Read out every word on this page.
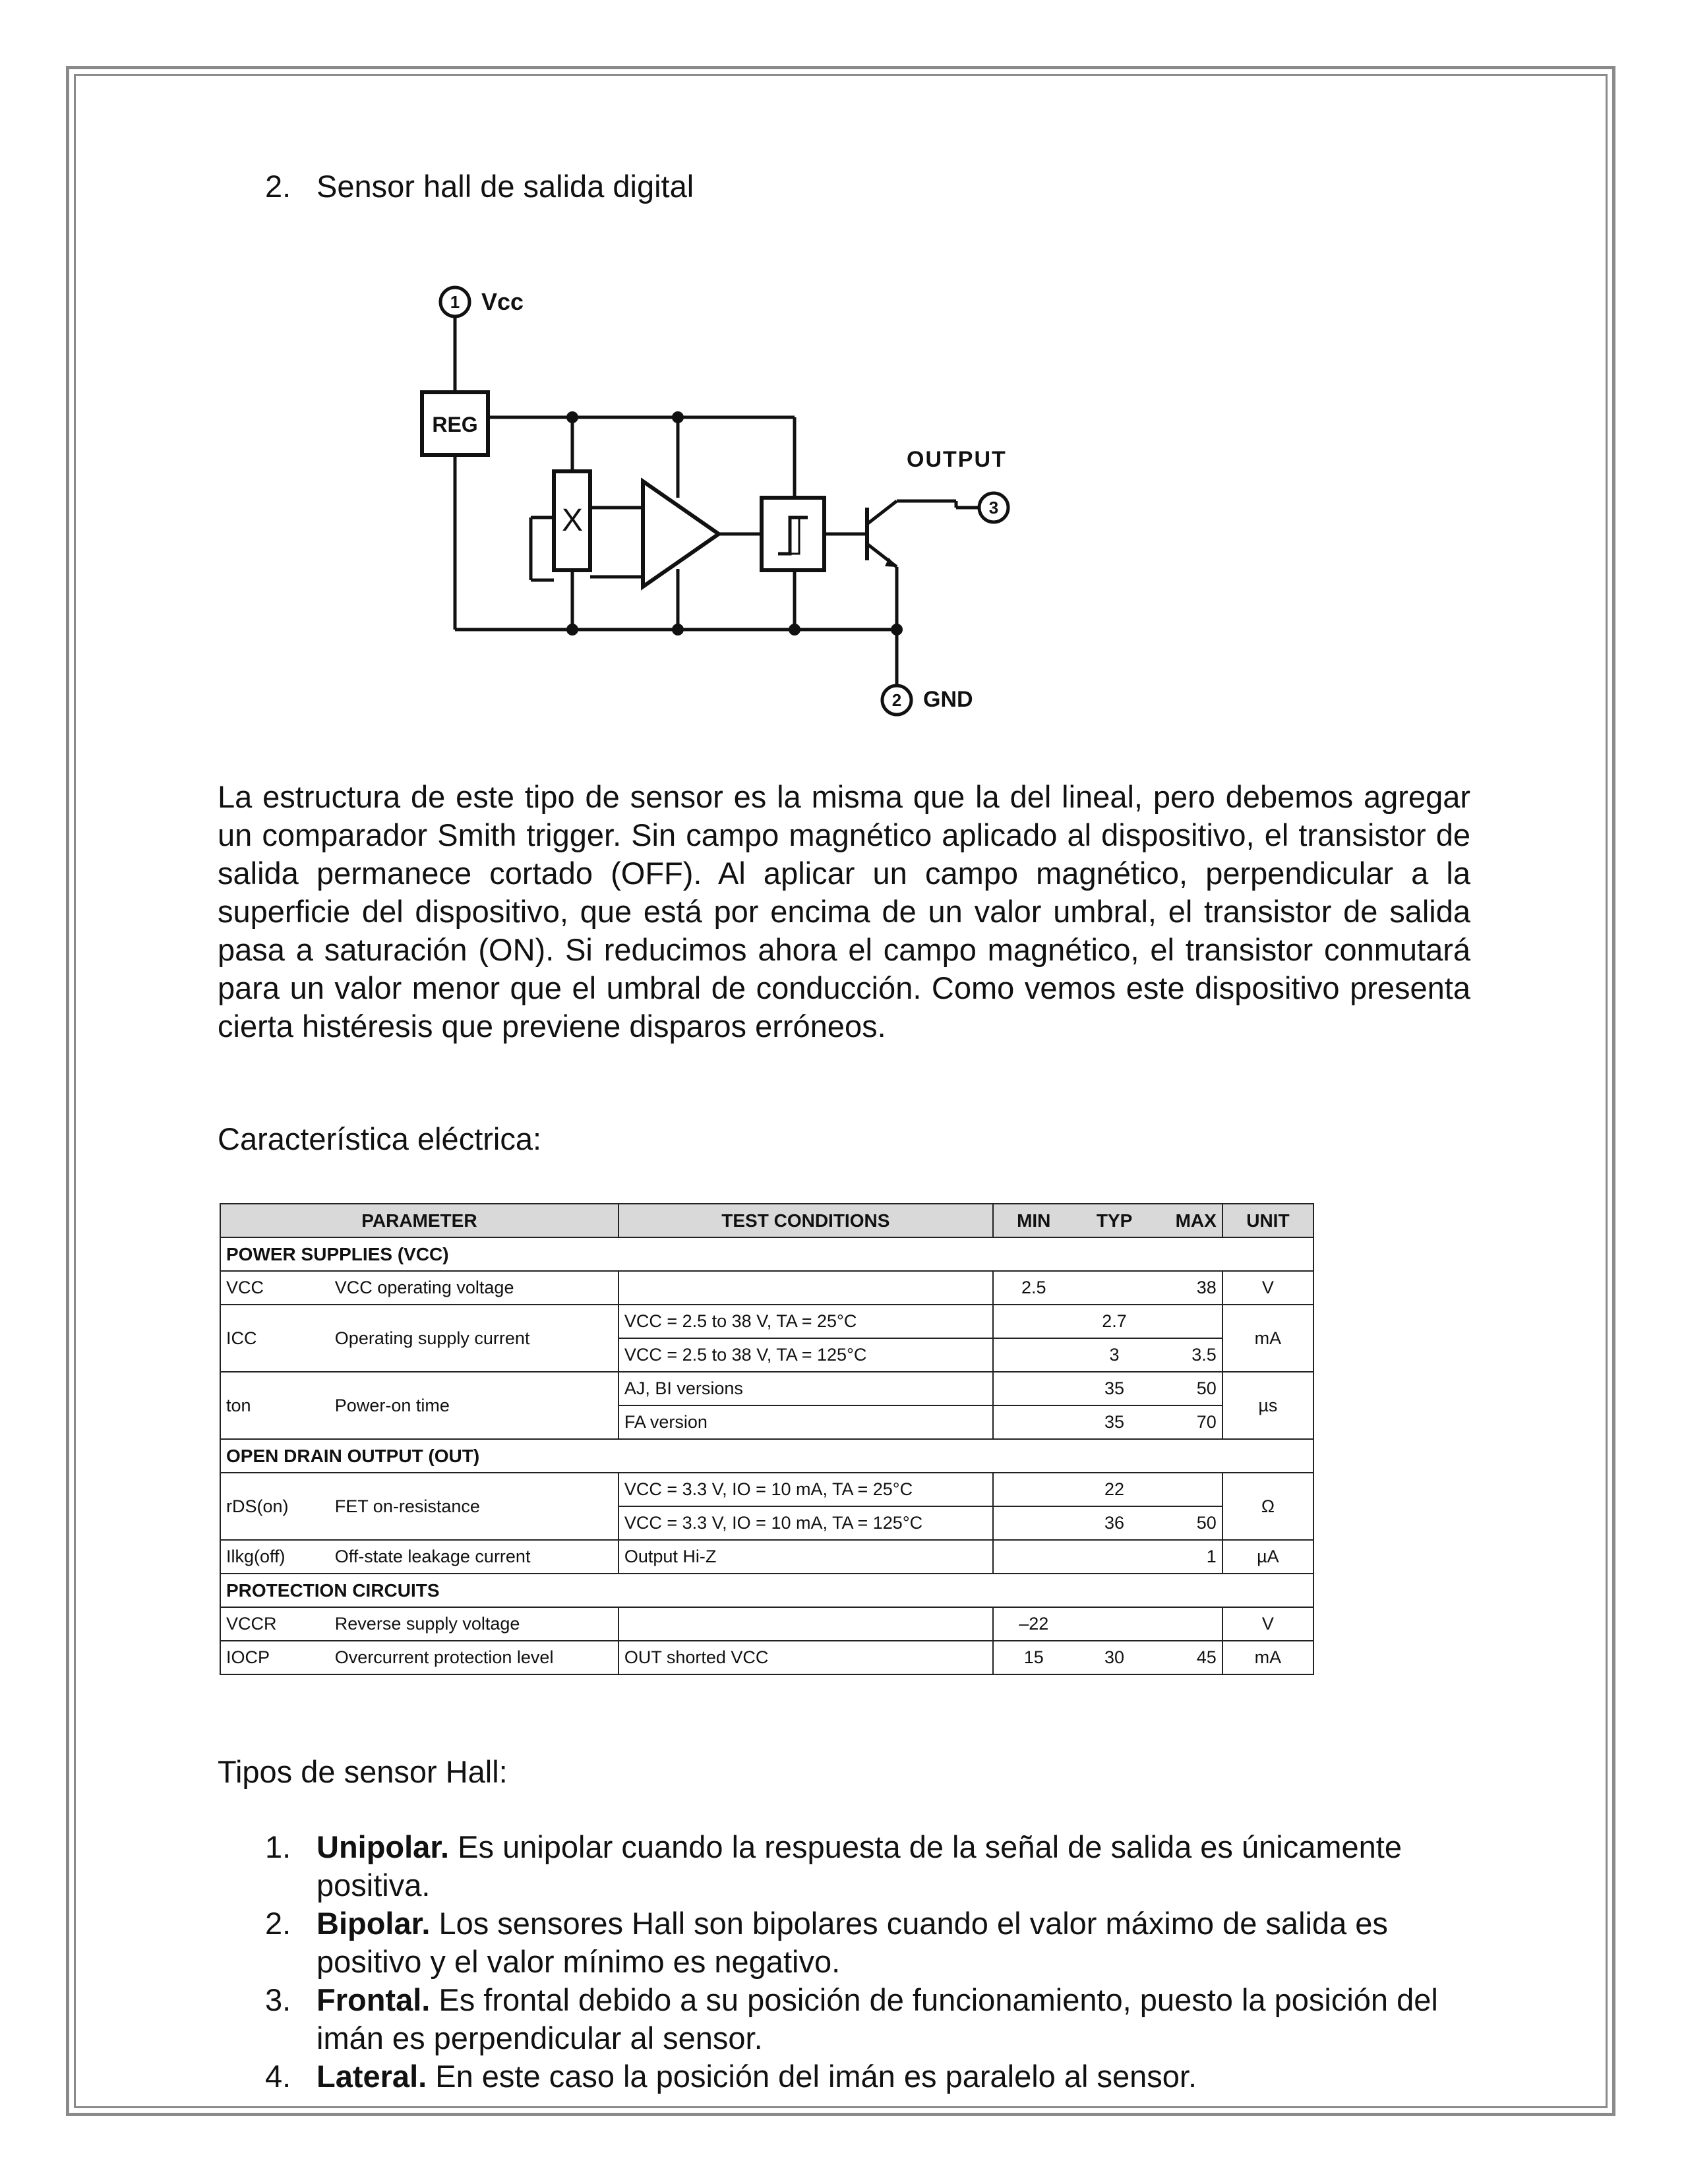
2. Sensor hall de salida digital
1 Vcc
REG
X
OUTPUT
3
2 GND
La estructura de este tipo de sensor es la misma que la del lineal, pero debemos agregar un comparador Smith trigger. Sin campo magnético aplicado al dispositivo, el transistor de salida permanece cortado (OFF). Al aplicar un campo magnético, perpendicular a la superficie del dispositivo, que está por encima de un valor umbral, el transistor de salida pasa a saturación (ON). Si reducimos ahora el campo magnético, el transistor conmutará para un valor menor que el umbral de conducción. Como vemos este dispositivo presenta cierta histéresis que previene disparos erróneos.
Característica eléctrica:
PARAMETER		TEST CONDITIONS	MIN	TYP	MAX	UNIT
POWER SUPPLIES (VCC)						
VCC	VCC operating voltage		2.5		38	V
ICC	Operating supply current	VCC = 2.5 to 38 V, TA = 25°C		2.7		mA
		VCC = 2.5 to 38 V, TA = 125°C		3	3.5	
ton	Power-on time	AJ, BI versions		35	50	µs
		FA version		35	70	
OPEN DRAIN OUTPUT (OUT)						
rDS(on)	FET on-resistance	VCC = 3.3 V, IO = 10 mA, TA = 25°C		22		Ω
		VCC = 3.3 V, IO = 10 mA, TA = 125°C		36	50	
Ilkg(off)	Off-state leakage current	Output Hi-Z			1	µA
PROTECTION CIRCUITS						
VCCR	Reverse supply voltage		–22			V
IOCP	Overcurrent protection level	OUT shorted VCC	15	30	45	mA
Tipos de sensor Hall:
1. Unipolar. Es unipolar cuando la respuesta de la señal de salida es únicamente positiva.
2. Bipolar. Los sensores Hall son bipolares cuando el valor máximo de salida es positivo y el valor mínimo es negativo.
3. Frontal. Es frontal debido a su posición de funcionamiento, puesto la posición del imán es perpendicular al sensor.
4. Lateral. En este caso la posición del imán es paralelo al sensor.
